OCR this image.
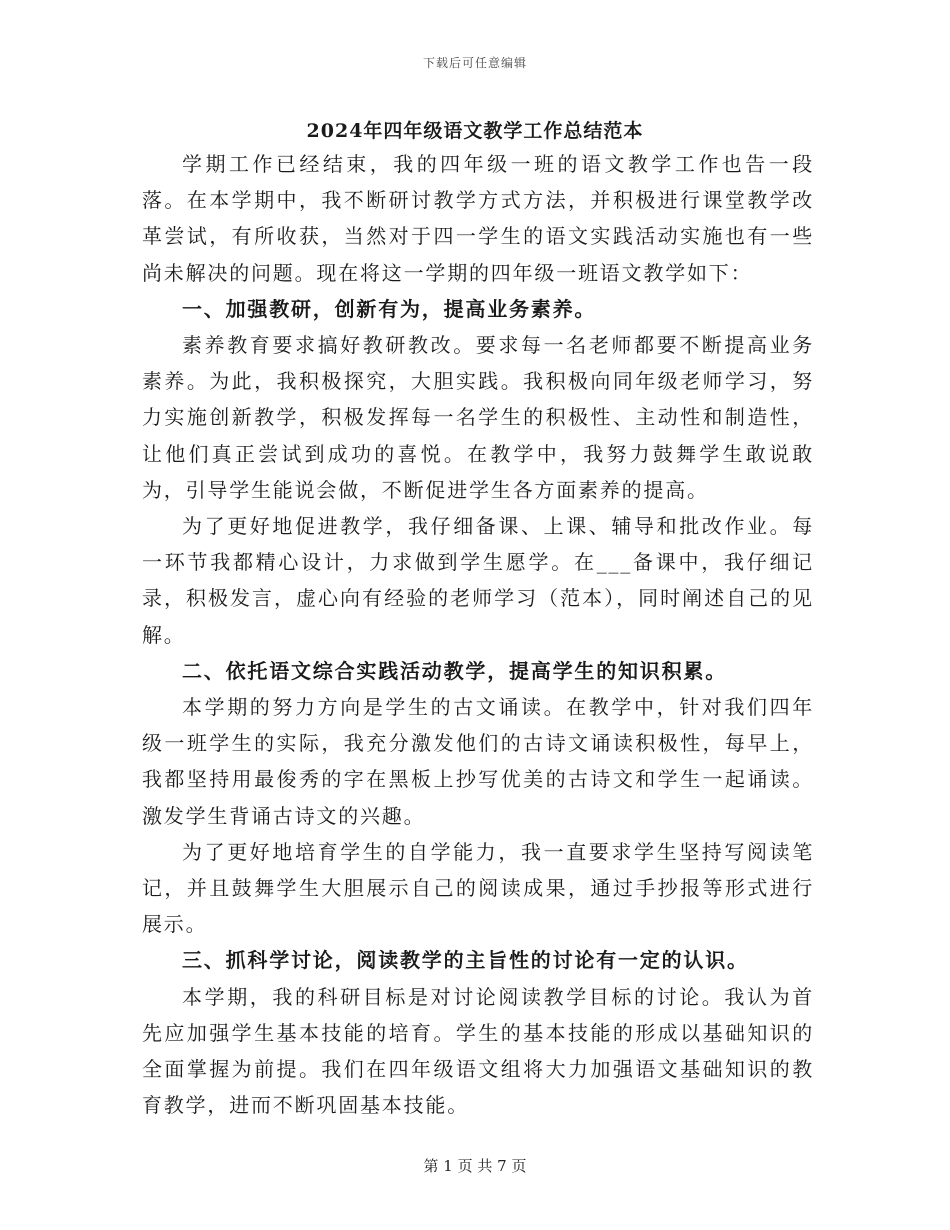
下载后可任意编辑
2024年四年级语文教学工作总结范本

学期工作已经结束，我的四年级一班的语文教学工作也告一段落。在本学期中，我不断研讨教学方式方法，并积极进行课堂教学改革尝试，有所收获，当然对于四一学生的语文实践活动实施也有一些尚未解决的问题。现在将这一学期的四年级一班语文教学如下：

一、加强教研，创新有为，提高业务素养。

素养教育要求搞好教研教改。要求每一名老师都要不断提高业务素养。为此，我积极探究，大胆实践。我积极向同年级老师学习，努力实施创新教学，积极发挥每一名学生的积极性、主动性和制造性，让他们真正尝试到成功的喜悦。在教学中，我努力鼓舞学生敢说敢为，引导学生能说会做，不断促进学生各方面素养的提高。

为了更好地促进教学，我仔细备课、上课、辅导和批改作业。每一环节我都精心设计，力求做到学生愿学。在___备课中，我仔细记录，积极发言，虚心向有经验的老师学习（范本），同时阐述自己的见解。

二、依托语文综合实践活动教学，提高学生的知识积累。

本学期的努力方向是学生的古文诵读。在教学中，针对我们四年级一班学生的实际，我充分激发他们的古诗文诵读积极性，每早上，我都坚持用最俊秀的字在黑板上抄写优美的古诗文和学生一起诵读。激发学生背诵古诗文的兴趣。

为了更好地培育学生的自学能力，我一直要求学生坚持写阅读笔记，并且鼓舞学生大胆展示自己的阅读成果，通过手抄报等形式进行展示。

三、抓科学讨论，阅读教学的主旨性的讨论有一定的认识。

本学期，我的科研目标是对讨论阅读教学目标的讨论。我认为首先应加强学生基本技能的培育。学生的基本技能的形成以基础知识的全面掌握为前提。我们在四年级语文组将大力加强语文基础知识的教育教学，进而不断巩固基本技能。

第 1 页 共 7 页
